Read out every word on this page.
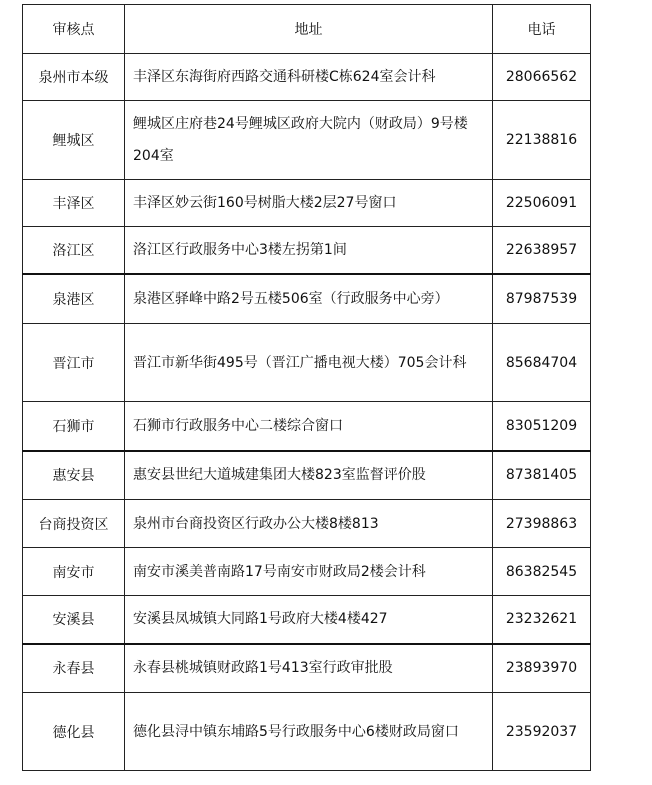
审核点	地址	电话
泉州市本级	丰泽区东海街府西路交通科研楼C栋624室会计科	28066562
鲤城区	鲤城区庄府巷24号鲤城区政府大院内（财政局）9号楼204室	22138816
丰泽区	丰泽区妙云街160号树脂大楼2层27号窗口	22506091
洛江区	洛江区行政服务中心3楼左拐第1间	22638957
泉港区	泉港区驿峰中路2号五楼506室（行政服务中心旁）	87987539
晋江市	晋江市新华街495号（晋江广播电视大楼）705会计科	85684704
石狮市	石狮市行政服务中心二楼综合窗口	83051209
惠安县	惠安县世纪大道城建集团大楼823室监督评价股	87381405
台商投资区	泉州市台商投资区行政办公大楼8楼813	27398863
南安市	南安市溪美普南路17号南安市财政局2楼会计科	86382545
安溪县	安溪县凤城镇大同路1号政府大楼4楼427	23232621
永春县	永春县桃城镇财政路1号413室行政审批股	23893970
德化县	德化县浔中镇东埔路5号行政服务中心6楼财政局窗口	23592037
